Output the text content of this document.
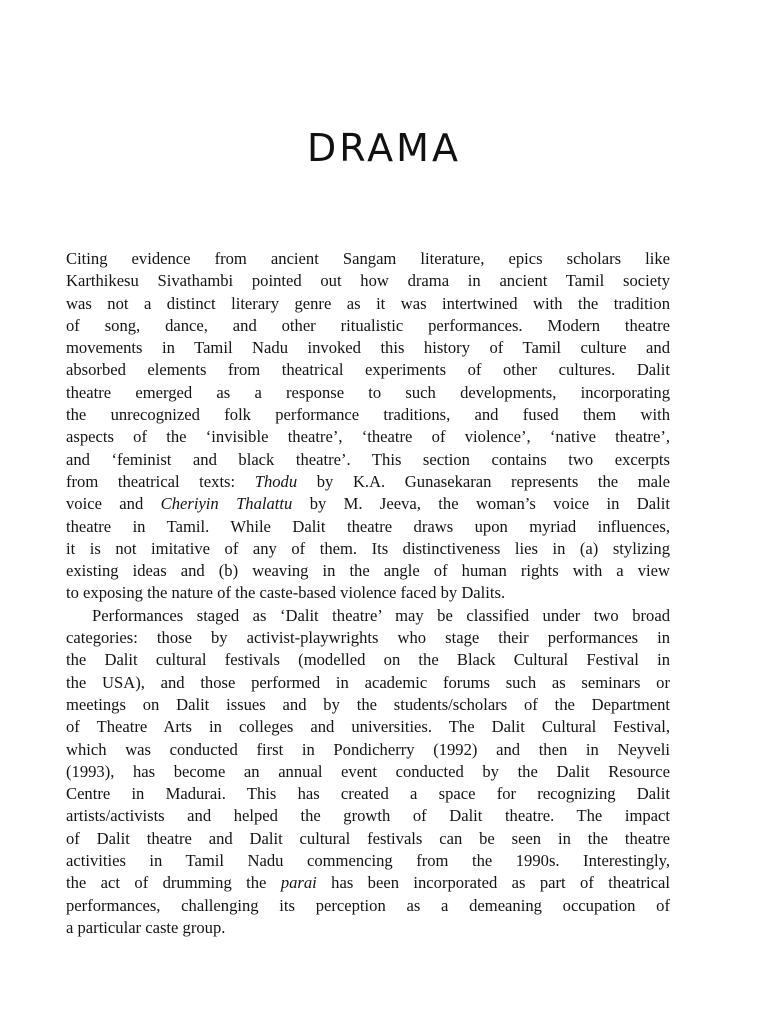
DRAMA

Citing evidence from ancient Sangam literature, epics scholars like
Karthikesu Sivathambi pointed out how drama in ancient Tamil society
was not a distinct literary genre as it was intertwined with the tradition
of song, dance, and other ritualistic performances. Modern theatre
movements in Tamil Nadu invoked this history of Tamil culture and
absorbed elements from theatrical experiments of other cultures. Dalit
theatre emerged as a response to such developments, incorporating
the unrecognized folk performance traditions, and fused them with
aspects of the ‘invisible theatre’, ‘theatre of violence’, ‘native theatre’,
and ‘feminist and black theatre’. This section contains two excerpts
from theatrical texts: Thodu by K.A. Gunasekaran represents the male
voice and Cheriyin Thalattu by M. Jeeva, the woman’s voice in Dalit
theatre in Tamil. While Dalit theatre draws upon myriad influences,
it is not imitative of any of them. Its distinctiveness lies in (a) stylizing
existing ideas and (b) weaving in the angle of human rights with a view
to exposing the nature of the caste-based violence faced by Dalits.

Performances staged as ‘Dalit theatre’ may be classified under two broad
categories: those by activist-playwrights who stage their performances in
the Dalit cultural festivals (modelled on the Black Cultural Festival in
the USA), and those performed in academic forums such as seminars or
meetings on Dalit issues and by the students/scholars of the Department
of Theatre Arts in colleges and universities. The Dalit Cultural Festival,
which was conducted first in Pondicherry (1992) and then in Neyveli
(1993), has become an annual event conducted by the Dalit Resource
Centre in Madurai. This has created a space for recognizing Dalit
artists/activists and helped the growth of Dalit theatre. The impact
of Dalit theatre and Dalit cultural festivals can be seen in the theatre
activities in Tamil Nadu commencing from the 1990s. Interestingly,
the act of drumming the parai has been incorporated as part of theatrical
performances, challenging its perception as a demeaning occupation of
a particular caste group.
